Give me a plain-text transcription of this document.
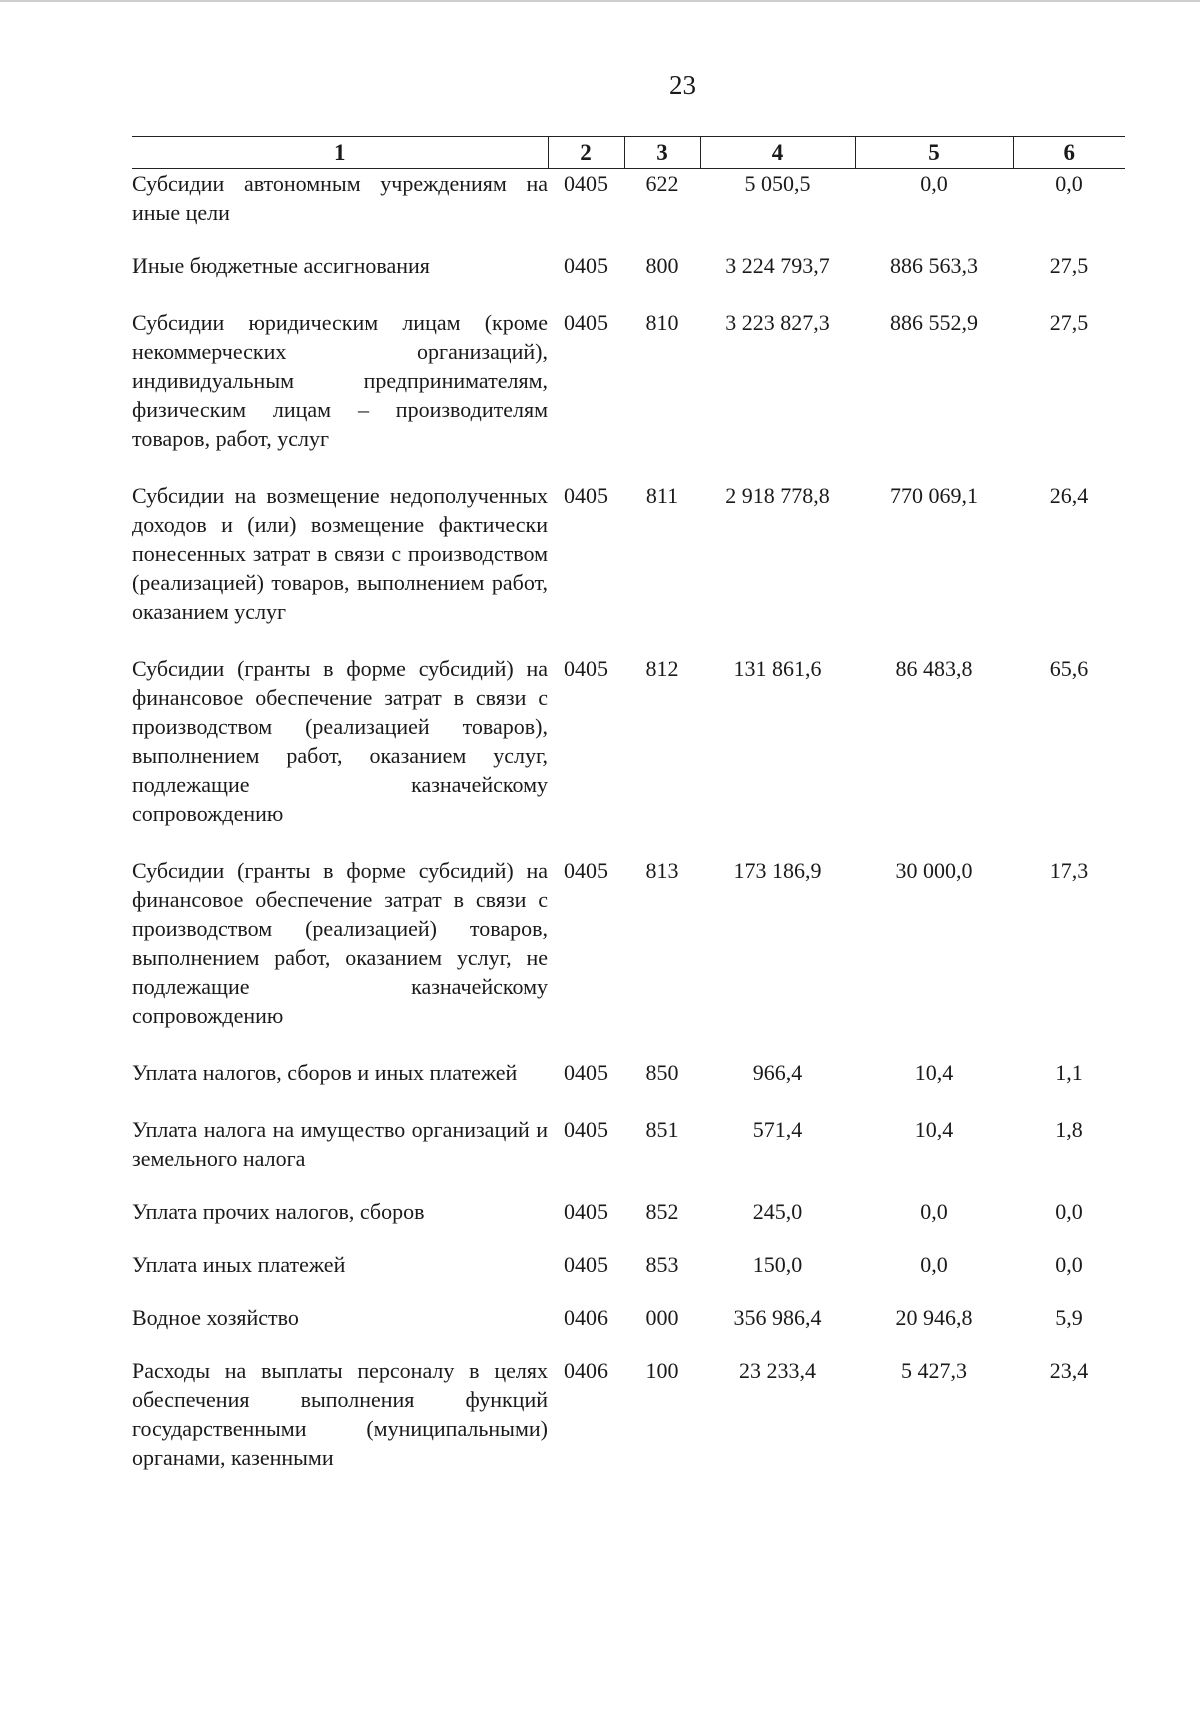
23
1	2	3	4	5	6
Субсидии автономным учреждениям на иные цели	0405	622	5 050,5	0,0	0,0
Иные бюджетные ассигнования	0405	800	3 224 793,7	886 563,3	27,5
Субсидии юридическим лицам (кроме некоммерческих организаций), индивидуальным предпринимателям, физическим лицам – производителям товаров, работ, услуг	0405	810	3 223 827,3	886 552,9	27,5
Субсидии на возмещение недополученных доходов и (или) возмещение фактически понесенных затрат в связи с производством (реализацией) товаров, выполнением работ, оказанием услуг	0405	811	2 918 778,8	770 069,1	26,4
Субсидии (гранты в форме субсидий) на финансовое обеспечение затрат в связи с производством (реализацией товаров), выполнением работ, оказанием услуг, подлежащие казначейскому сопровождению	0405	812	131 861,6	86 483,8	65,6
Субсидии (гранты в форме субсидий) на финансовое обеспечение затрат в связи с производством (реализацией) товаров, выполнением работ, оказанием услуг, не подлежащие казначейскому сопровождению	0405	813	173 186,9	30 000,0	17,3
Уплата налогов, сборов и иных платежей	0405	850	966,4	10,4	1,1
Уплата налога на имущество организаций и земельного налога	0405	851	571,4	10,4	1,8
Уплата прочих налогов, сборов	0405	852	245,0	0,0	0,0
Уплата иных платежей	0405	853	150,0	0,0	0,0
Водное хозяйство	0406	000	356 986,4	20 946,8	5,9
Расходы на выплаты персоналу в целях обеспечения выполнения функций государственными (муниципальными) органами, казенными	0406	100	23 233,4	5 427,3	23,4
